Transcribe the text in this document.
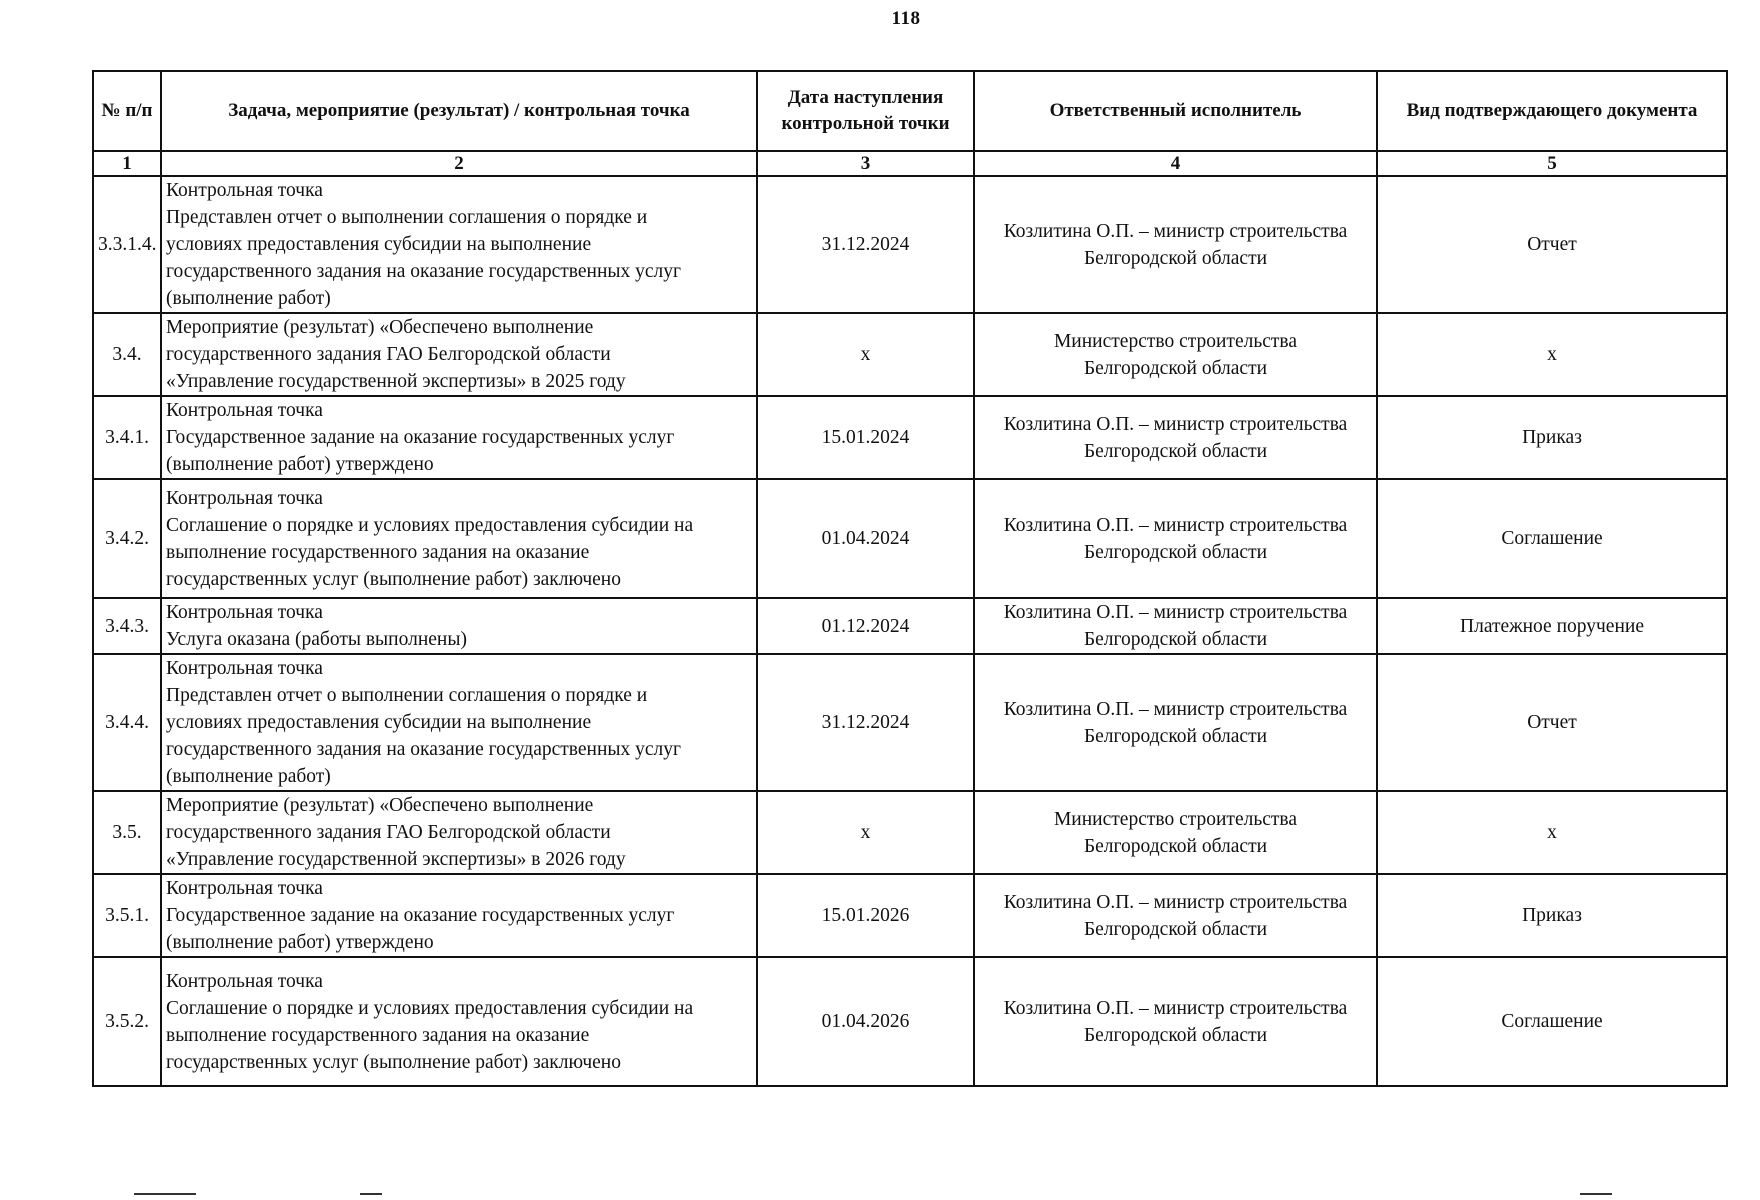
118
№ п/п	Задача, мероприятие (результат) / контрольная точка	Дата наступления
контрольной точки	Ответственный исполнитель	Вид подтверждающего документа
1	2	3	4	5
3.3.1.4.	Контрольная точка
Представлен отчет о выполнении соглашения о порядке и
условиях предоставления субсидии на выполнение
государственного задания на оказание государственных услуг
(выполнение работ)	31.12.2024	Козлитина О.П. – министр строительства
Белгородской области	Отчет
3.4.	Мероприятие (результат) «Обеспечено выполнение
государственного задания ГАО Белгородской области
«Управление государственной экспертизы» в 2025 году	x	Министерство строительства
Белгородской области	x
3.4.1.	Контрольная точка
Государственное задание на оказание государственных услуг
(выполнение работ) утверждено	15.01.2024	Козлитина О.П. – министр строительства
Белгородской области	Приказ
3.4.2.	Контрольная точка
Соглашение о порядке и условиях предоставления субсидии на
выполнение государственного задания на оказание
государственных услуг (выполнение работ) заключено	01.04.2024	Козлитина О.П. – министр строительства
Белгородской области	Соглашение
3.4.3.	Контрольная точка
Услуга оказана (работы выполнены)	01.12.2024	Козлитина О.П. – министр строительства
Белгородской области	Платежное поручение
3.4.4.	Контрольная точка
Представлен отчет о выполнении соглашения о порядке и
условиях предоставления субсидии на выполнение
государственного задания на оказание государственных услуг
(выполнение работ)	31.12.2024	Козлитина О.П. – министр строительства
Белгородской области	Отчет
3.5.	Мероприятие (результат) «Обеспечено выполнение
государственного задания ГАО Белгородской области
«Управление государственной экспертизы» в 2026 году	x	Министерство строительства
Белгородской области	x
3.5.1.	Контрольная точка
Государственное задание на оказание государственных услуг
(выполнение работ) утверждено	15.01.2026	Козлитина О.П. – министр строительства
Белгородской области	Приказ
3.5.2.	Контрольная точка
Соглашение о порядке и условиях предоставления субсидии на
выполнение государственного задания на оказание
государственных услуг (выполнение работ) заключено	01.04.2026	Козлитина О.П. – министр строительства
Белгородской области	Соглашение
